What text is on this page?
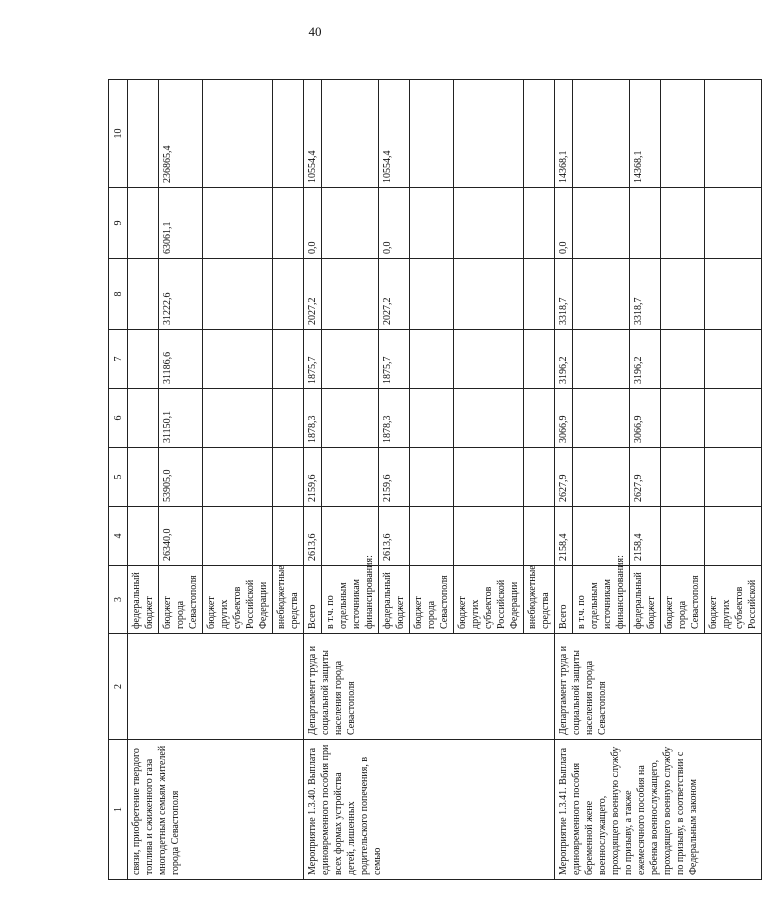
40
1	2	3	4	5	6	7	8	9	10
связи, приобретение твердого топлива и сжиженного газа многодетным семьям жителей города Севастополя		федеральный бюджет							
		бюджет города Севастополя	26340,0	53905,0	31150,1	31186,6	31222,6	63061,1	236865,4
		бюджет других субъектов Российской Федерации							
		внебюджетные средства							
Мероприятие 1.3.40. Выплата единовременного пособия при всех формах устройства детей, лишенных родительского попечения, в семью	Департамент труда и социальной защиты населения города Севастополя	Всего	2613,6	2159,6	1878,3	1875,7	2027,2	0,0	10554,4
		в т.ч. по отдельным источникам финансирования:							
		федеральный бюджет	2613,6	2159,6	1878,3	1875,7	2027,2	0,0	10554,4
		бюджет города Севастополя							
		бюджет других субъектов Российской Федерации							
		внебюджетные средства							
Мероприятие 1.3.41. Выплата единовременного пособия беременной жене военнослужащего, проходящего военную службу по призыву, а также ежемесячного пособия на ребенка военнослужащего, проходящего военную службу по призыву, в соответствии с Федеральным законом	Департамент труда и социальной защиты населения города Севастополя	Всего	2158,4	2627,9	3066,9	3196,2	3318,7	0,0	14368,1
		в т.ч. по отдельным источникам финансирования:							
		федеральный бюджет	2158,4	2627,9	3066,9	3196,2	3318,7		14368,1
		бюджет города Севастополя							
		бюджет других субъектов Российской							
